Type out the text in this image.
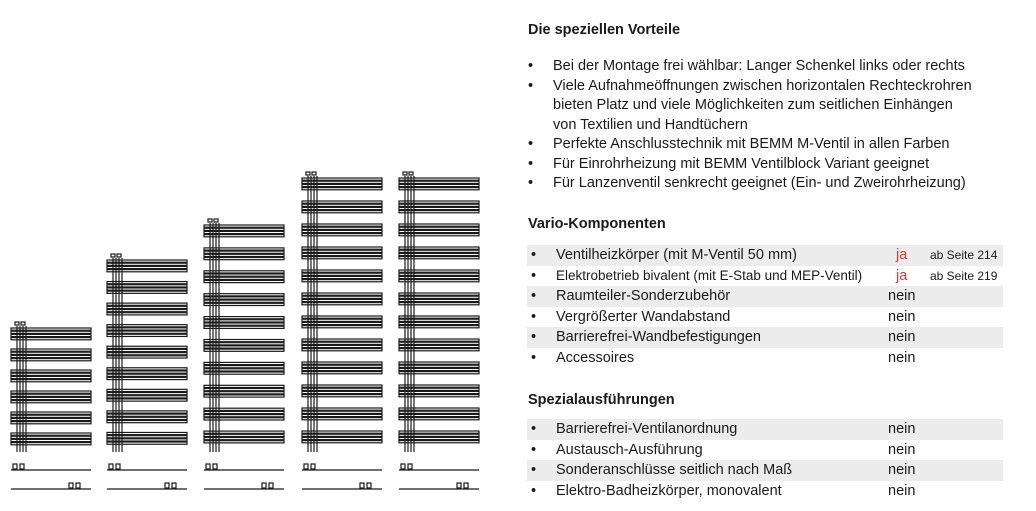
Die speziellen Vorteile
• Bei der Montage frei wählbar: Langer Schenkel links oder rechts
• Viele Aufnahmeöffnungen zwischen horizontalen Rechteckrohren
bieten Platz und viele Möglichkeiten zum seitlichen Einhängen
von Textilien und Handtüchern
• Perfekte Anschlusstechnik mit BEMM M-Ventil in allen Farben
• Für Einrohrheizung mit BEMM Ventilblock Variant geeignet
• Für Lanzenventil senkrecht geeignet (Ein- und Zweirohrheizung)
Vario-Komponenten
• Ventilheizkörper (mit M-Ventil 50 mm)	ja ab Seite 214
• Elektrobetrieb bivalent (mit E-Stab und MEP-Ventil) ja ab Seite 219
• Raumteiler-Sonderzubehör	nein
• Vergrößerter Wandabstand	nein
• Barrierefrei-Wandbefestigungen	nein
• Accessoires	nein
Spezialausführungen
• Barrierefrei-Ventilanordnung	nein
• Austausch-Ausführung	nein
• Sonderanschlüsse seitlich nach Maß	nein
• Elektro-Badheizkörper, monovalent	nein
